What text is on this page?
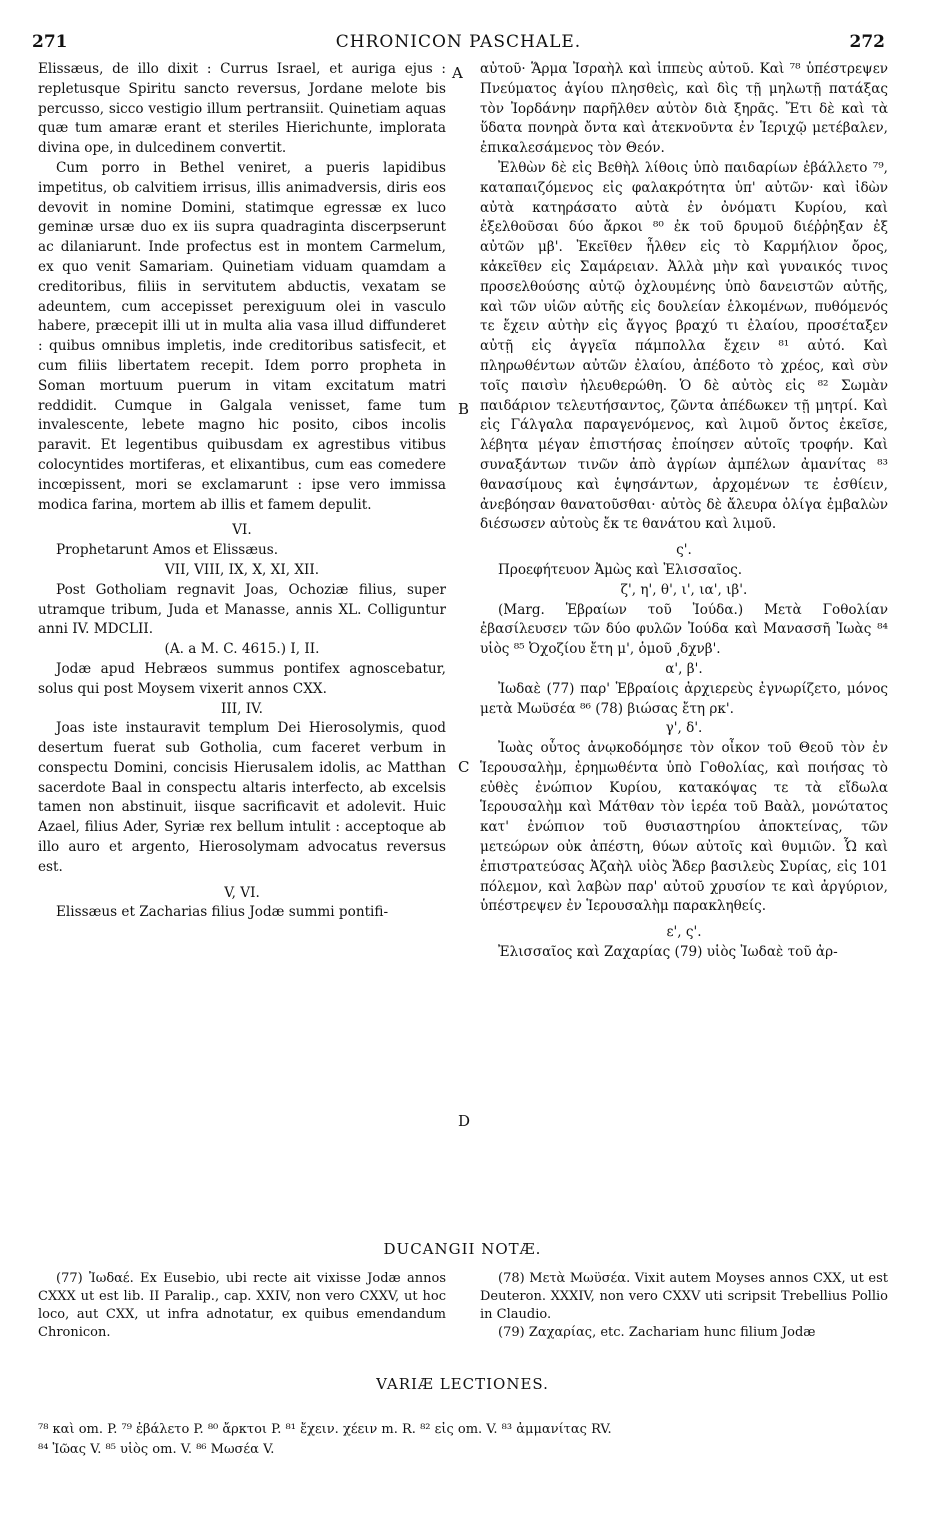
271	CHRONICON PASCHALE.	272
A
B
C
D

Elissæus, de illo dixit : Currus Israel, et auriga ejus : repletusque Spiritu sancto reversus, Jordane melote bis percusso, sicco vestigio illum pertransiit. Quinetiam aquas quæ tum amaræ erant et steriles Hierichunte, implorata divina ope, in dulcedinem convertit.

Cum porro in Bethel veniret, a pueris lapidibus impetitus, ob calvitiem irrisus, illis animadversis, diris eos devovit in nomine Domini, statimque egressæ ex luco geminæ ursæ duo ex iis supra quadraginta discerpserunt ac dilaniarunt. Inde profectus est in montem Carmelum, ex quo venit Samariam. Quinetiam viduam quamdam a creditoribus, filiis in servitutem abductis, vexatam se adeuntem, cum accepisset perexiguum olei in vasculo habere, præcepit illi ut in multa alia vasa illud diffunderet : quibus omnibus impletis, inde creditoribus satisfecit, et cum filiis libertatem recepit. Idem porro propheta in Soman mortuum puerum in vitam excitatum matri reddidit. Cumque in Galgala venisset, fame tum invalescente, lebete magno hic posito, cibos incolis paravit. Et legentibus quibusdam ex agrestibus vitibus colocyntides mortiferas, et elixantibus, cum eas comedere incœpissent, mori se exclamarunt : ipse vero immissa modica farina, mortem ab illis et famem depulit.

VI.

Prophetarunt Amos et Elissæus.

VII, VIII, IX, X, XI, XII.

Post Gotholiam regnavit Joas, Ochoziæ filius, super utramque tribum, Juda et Manasse, annis XL. Colliguntur anni IV. MDCLII.

(A. a M. C. 4615.) I, II.

Jodæ apud Hebræos summus pontifex agnoscebatur, solus qui post Moysem vixerit annos CXX.

III, IV.

Joas iste instauravit templum Dei Hierosolymis, quod desertum fuerat sub Gotholia, cum faceret verbum in conspectu Domini, concisis Hierusalem idolis, ac Matthan sacerdote Baal in conspectu altaris interfecto, ab excelsis tamen non abstinuit, iisque sacrificavit et adolevit. Huic Azael, filius Ader, Syriæ rex bellum intulit : acceptoque ab illo auro et argento, Hierosolymam advocatus reversus est.

V, VI.

Elissæus et Zacharias filius Jodæ summi pontifi-

αὐτοῦ· Ἅρμα Ἰσραὴλ καὶ ἱππεὺς αὐτοῦ. Καὶ ⁷⁸ ὑπέστρεψεν Πνεύματος ἁγίου πλησθεὶς, καὶ δὶς τῇ μηλωτῇ πατάξας τὸν Ἰορδάνην παρῆλθεν αὐτὸν διὰ ξηρᾶς. Ἔτι δὲ καὶ τὰ ὕδατα πονηρὰ ὄντα καὶ ἀτεκνοῦντα ἐν Ἱεριχῷ μετέβαλεν, ἐπικαλεσάμενος τὸν Θεόν.

Ἐλθὼν δὲ εἰς Βεθὴλ λίθοις ὑπὸ παιδαρίων ἐβάλλετο ⁷⁹, καταπαιζόμενος εἰς φαλακρότητα ὑπ' αὐτῶν· καὶ ἰδὼν αὐτὰ κατηράσατο αὐτὰ ἐν ὀνόματι Κυρίου, καὶ ἐξελθοῦσαι δύο ἄρκοι ⁸⁰ ἐκ τοῦ δρυμοῦ διέῤῥηξαν ἐξ αὐτῶν μβ'. Ἐκεῖθεν ἦλθεν εἰς τὸ Καρμήλιον ὄρος, κἀκεῖθεν εἰς Σαμάρειαν. Ἀλλὰ μὴν καὶ γυναικός τινος προσελθούσης αὐτῷ ὀχλουμένης ὑπὸ δανειστῶν αὐτῆς, καὶ τῶν υἱῶν αὐτῆς εἰς δουλείαν ἑλκομένων, πυθόμενός τε ἔχειν αὐτὴν εἰς ἄγγος βραχύ τι ἐλαίου, προσέταξεν αὐτῇ εἰς ἀγγεῖα πάμπολλα ἔχειν ⁸¹ αὐτό. Καὶ πληρωθέντων αὐτῶν ἐλαίου, ἀπέδοτο τὸ χρέος, καὶ σὺν τοῖς παισὶν ἠλευθερώθη. Ὁ δὲ αὐτὸς εἰς ⁸² Σωμὰν παιδάριον τελευτήσαντος, ζῶντα ἀπέδωκεν τῇ μητρί. Καὶ εἰς Γάλγαλα παραγενόμενος, καὶ λιμοῦ ὄντος ἐκεῖσε, λέβητα μέγαν ἐπιστήσας ἐποίησεν αὐτοῖς τροφήν. Καὶ συναξάντων τινῶν ἀπὸ ἀγρίων ἀμπέλων ἀμανίτας ⁸³ θανασίμους καὶ ἑψησάντων, ἀρχομένων τε ἐσθίειν, ἀνεβόησαν θανατοῦσθαι· αὐτὸς δὲ ἄλευρα ὀλίγα ἐμβαλὼν διέσωσεν αὐτοὺς ἔκ τε θανάτου καὶ λιμοῦ.

ς'.

Προεφήτευον Ἀμὼς καὶ Ἐλισσαῖος.

ζ', η', θ', ι', ια', ιβ'.

(Marg. Ἑβραίων τοῦ Ἰούδα.) Μετὰ Γοθολίαν ἐβασίλευσεν τῶν δύο φυλῶν Ἰούδα καὶ Μανασσῆ Ἰωὰς ⁸⁴ υἱὸς ⁸⁵ Ὀχοζίου ἔτη μ', ὁμοῦ ͵δχνβ'.

α', β'.

Ἰωδαὲ (77) παρ' Ἑβραίοις ἀρχιερεὺς ἐγνωρίζετο, μόνος μετὰ Μωϋσέα ⁸⁶ (78) βιώσας ἔτη ρκ'.

γ', δ'.

Ἰωὰς οὗτος ἀνῳκοδόμησε τὸν οἶκον τοῦ Θεοῦ τὸν ἐν Ἱερουσαλὴμ, ἐρημωθέντα ὑπὸ Γοθολίας, καὶ ποιήσας τὸ εὐθὲς ἐνώπιον Κυρίου, κατακόψας τε τὰ εἴδωλα Ἱερουσαλὴμ καὶ Μάτθαν τὸν ἱερέα τοῦ Βαὰλ, μονώτατος κατ' ἐνώπιον τοῦ θυσιαστηρίου ἀποκτείνας, τῶν μετεώρων οὐκ ἀπέστη, θύων αὐτοῖς καὶ θυμιῶν. Ὧ καὶ ἐπιστρατεύσας Ἀζαὴλ υἱὸς Ἄδερ βασιλεὺς Συρίας, εἰς 101 πόλεμον, καὶ λαβὼν παρ' αὐτοῦ χρυσίον τε καὶ ἀργύριον, ὑπέστρεψεν ἐν Ἱερουσαλὴμ παρακληθείς.

ε', ς'.

Ἐλισσαῖος καὶ Ζαχαρίας (79) υἱὸς Ἰωδαὲ τοῦ ἀρ-

DUCANGII NOTÆ.

(77) Ἰωδαέ. Ex Eusebio, ubi recte ait vixisse Jodæ annos CXXX ut est lib. II Paralip., cap. XXIV, non vero CXXV, ut hoc loco, aut CXX, ut infra adnotatur, ex quibus emendandum Chronicon.

(78) Μετὰ Μωϋσέα. Vixit autem Moyses annos CXX, ut est Deuteron. XXXIV, non vero CXXV uti scripsit Trebellius Pollio in Claudio.

(79) Ζαχαρίας, etc. Zachariam hunc filium Jodæ

VARIÆ LECTIONES.
⁷⁸ καὶ om. P. ⁷⁹ ἐβάλετο P. ⁸⁰ ἄρκτοι P. ⁸¹ ἔχειν. χέειν m. R. ⁸² εἰς om. V. ⁸³ ἀμμανίτας RV.
⁸⁴ Ἰῶας V. ⁸⁵ υἱὸς om. V. ⁸⁶ Μωσέα V.
